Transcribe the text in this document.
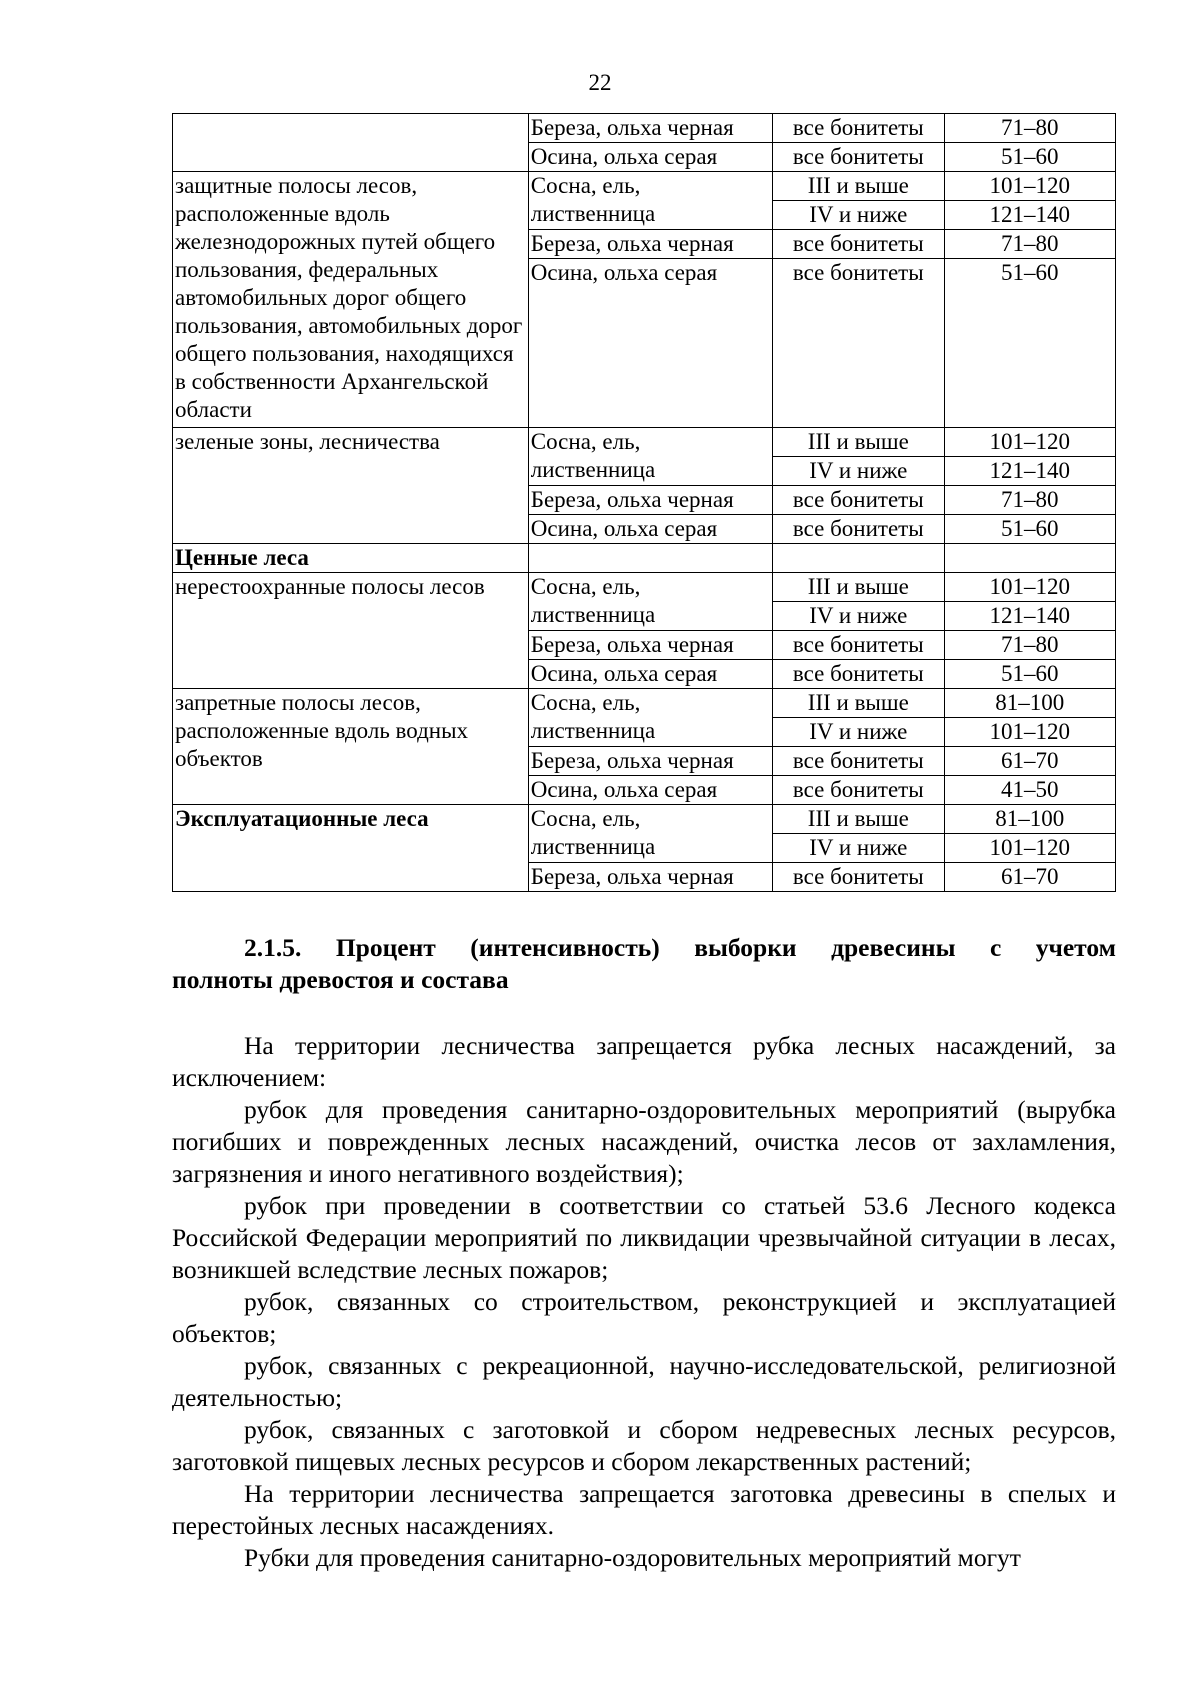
22
	Береза, ольха черная	все бонитеты	71–80
	Осина, ольха серая	все бонитеты	51–60
защитные полосы лесов, расположенные вдоль железнодорожных путей общего пользования, федеральных автомобильных дорог общего пользования, автомобильных дорог общего пользования, находящихся в собственности Архангельской области	Сосна, ель, лиственница	III и выше	101–120
		IV и ниже	121–140
	Береза, ольха черная	все бонитеты	71–80
	Осина, ольха серая	все бонитеты	51–60
зеленые зоны, лесничества	Сосна, ель, лиственница	III и выше	101–120
		IV и ниже	121–140
	Береза, ольха черная	все бонитеты	71–80
	Осина, ольха серая	все бонитеты	51–60
Ценные леса			
нерестоохранные полосы лесов	Сосна, ель, лиственница	III и выше	101–120
		IV и ниже	121–140
	Береза, ольха черная	все бонитеты	71–80
	Осина, ольха серая	все бонитеты	51–60
запретные полосы лесов, расположенные вдоль водных объектов	Сосна, ель, лиственница	III и выше	81–100
		IV и ниже	101–120
	Береза, ольха черная	все бонитеты	61–70
	Осина, ольха серая	все бонитеты	41–50
Эксплуатационные леса	Сосна, ель, лиственница	III и выше	81–100
		IV и ниже	101–120
	Береза, ольха черная	все бонитеты	61–70
2.1.5. Процент (интенсивность) выборки древесины с учетом
полноты древостоя и состава

На территории лесничества запрещается рубка лесных насаждений, за исключением:

рубок для проведения санитарно-оздоровительных мероприятий (вырубка погибших и поврежденных лесных насаждений, очистка лесов от захламления, загрязнения и иного негативного воздействия);

рубок при проведении в соответствии со статьей 53.6 Лесного кодекса Российской Федерации мероприятий по ликвидации чрезвычайной ситуации в лесах, возникшей вследствие лесных пожаров;

рубок, связанных со строительством, реконструкцией и эксплуатацией объектов;

рубок, связанных с рекреационной, научно-исследовательской, религиозной деятельностью;

рубок, связанных с заготовкой и сбором недревесных лесных ресурсов, заготовкой пищевых лесных ресурсов и сбором лекарственных растений;

На территории лесничества запрещается заготовка древесины в спелых и перестойных лесных насаждениях.

Рубки для проведения санитарно-оздоровительных мероприятий могут
